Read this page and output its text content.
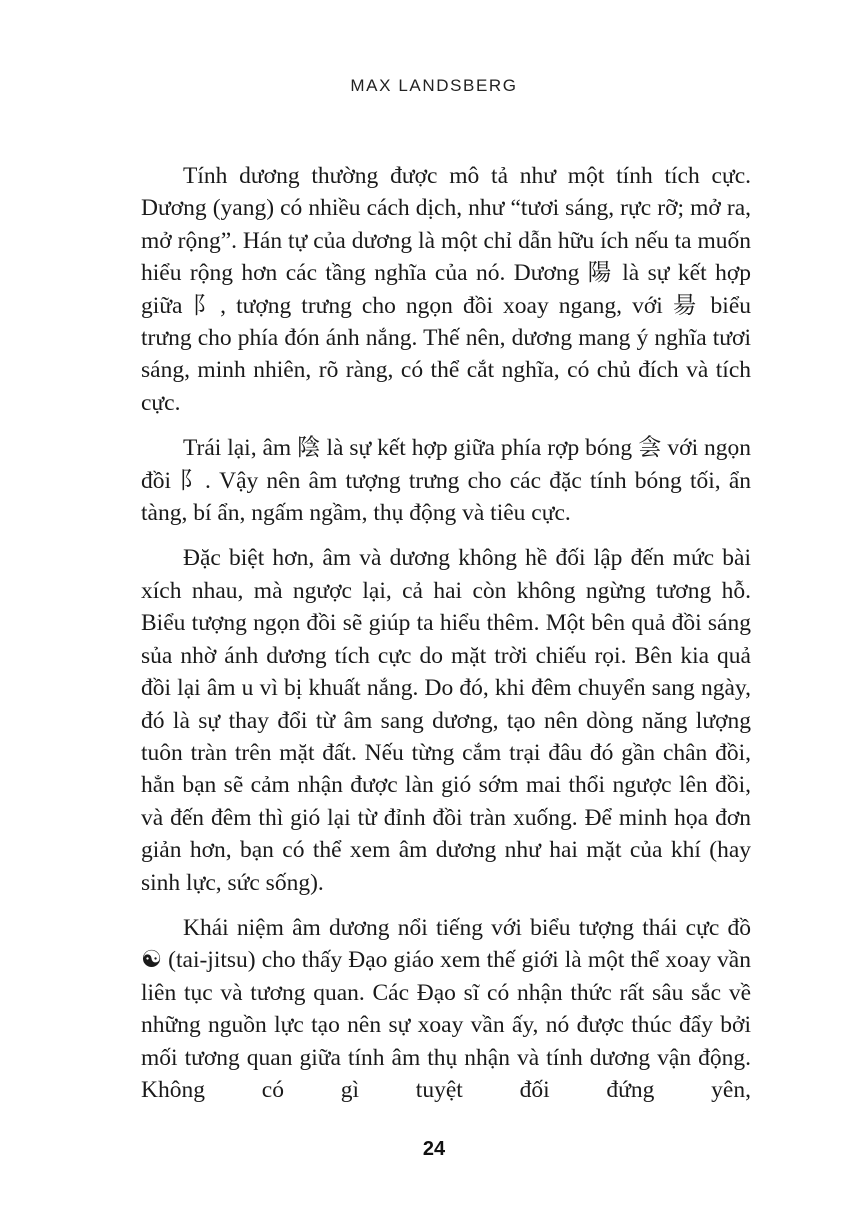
MAX LANDSBERG

Tính dương thường được mô tả như một tính tích cực. Dương (yang) có nhiều cách dịch, như “tươi sáng, rực rỡ; mở ra, mở rộng”. Hán tự của dương là một chỉ dẫn hữu ích nếu ta muốn hiểu rộng hơn các tầng nghĩa của nó. Dương 陽 là sự kết hợp giữa 阝, tượng trưng cho ngọn đồi xoay ngang, với 昜 biểu trưng cho phía đón ánh nắng. Thế nên, dương mang ý nghĩa tươi sáng, minh nhiên, rõ ràng, có thể cắt nghĩa, có chủ đích và tích cực.

Trái lại, âm 陰 là sự kết hợp giữa phía rợp bóng 侌 với ngọn đồi 阝. Vậy nên âm tượng trưng cho các đặc tính bóng tối, ẩn tàng, bí ẩn, ngấm ngầm, thụ động và tiêu cực.

Đặc biệt hơn, âm và dương không hề đối lập đến mức bài xích nhau, mà ngược lại, cả hai còn không ngừng tương hỗ. Biểu tượng ngọn đồi sẽ giúp ta hiểu thêm. Một bên quả đồi sáng sủa nhờ ánh dương tích cực do mặt trời chiếu rọi. Bên kia quả đồi lại âm u vì bị khuất nắng. Do đó, khi đêm chuyển sang ngày, đó là sự thay đổi từ âm sang dương, tạo nên dòng năng lượng tuôn tràn trên mặt đất. Nếu từng cắm trại đâu đó gần chân đồi, hẳn bạn sẽ cảm nhận được làn gió sớm mai thổi ngược lên đồi, và đến đêm thì gió lại từ đỉnh đồi tràn xuống. Để minh họa đơn giản hơn, bạn có thể xem âm dương như hai mặt của khí (hay sinh lực, sức sống).

Khái niệm âm dương nổi tiếng với biểu tượng thái cực đồ ☯ (tai-jitsu) cho thấy Đạo giáo xem thế giới là một thể xoay vần liên tục và tương quan. Các Đạo sĩ có nhận thức rất sâu sắc về những nguồn lực tạo nên sự xoay vần ấy, nó được thúc đẩy bởi mối tương quan giữa tính âm thụ nhận và tính dương vận động. Không có gì tuyệt đối đứng yên,

24
